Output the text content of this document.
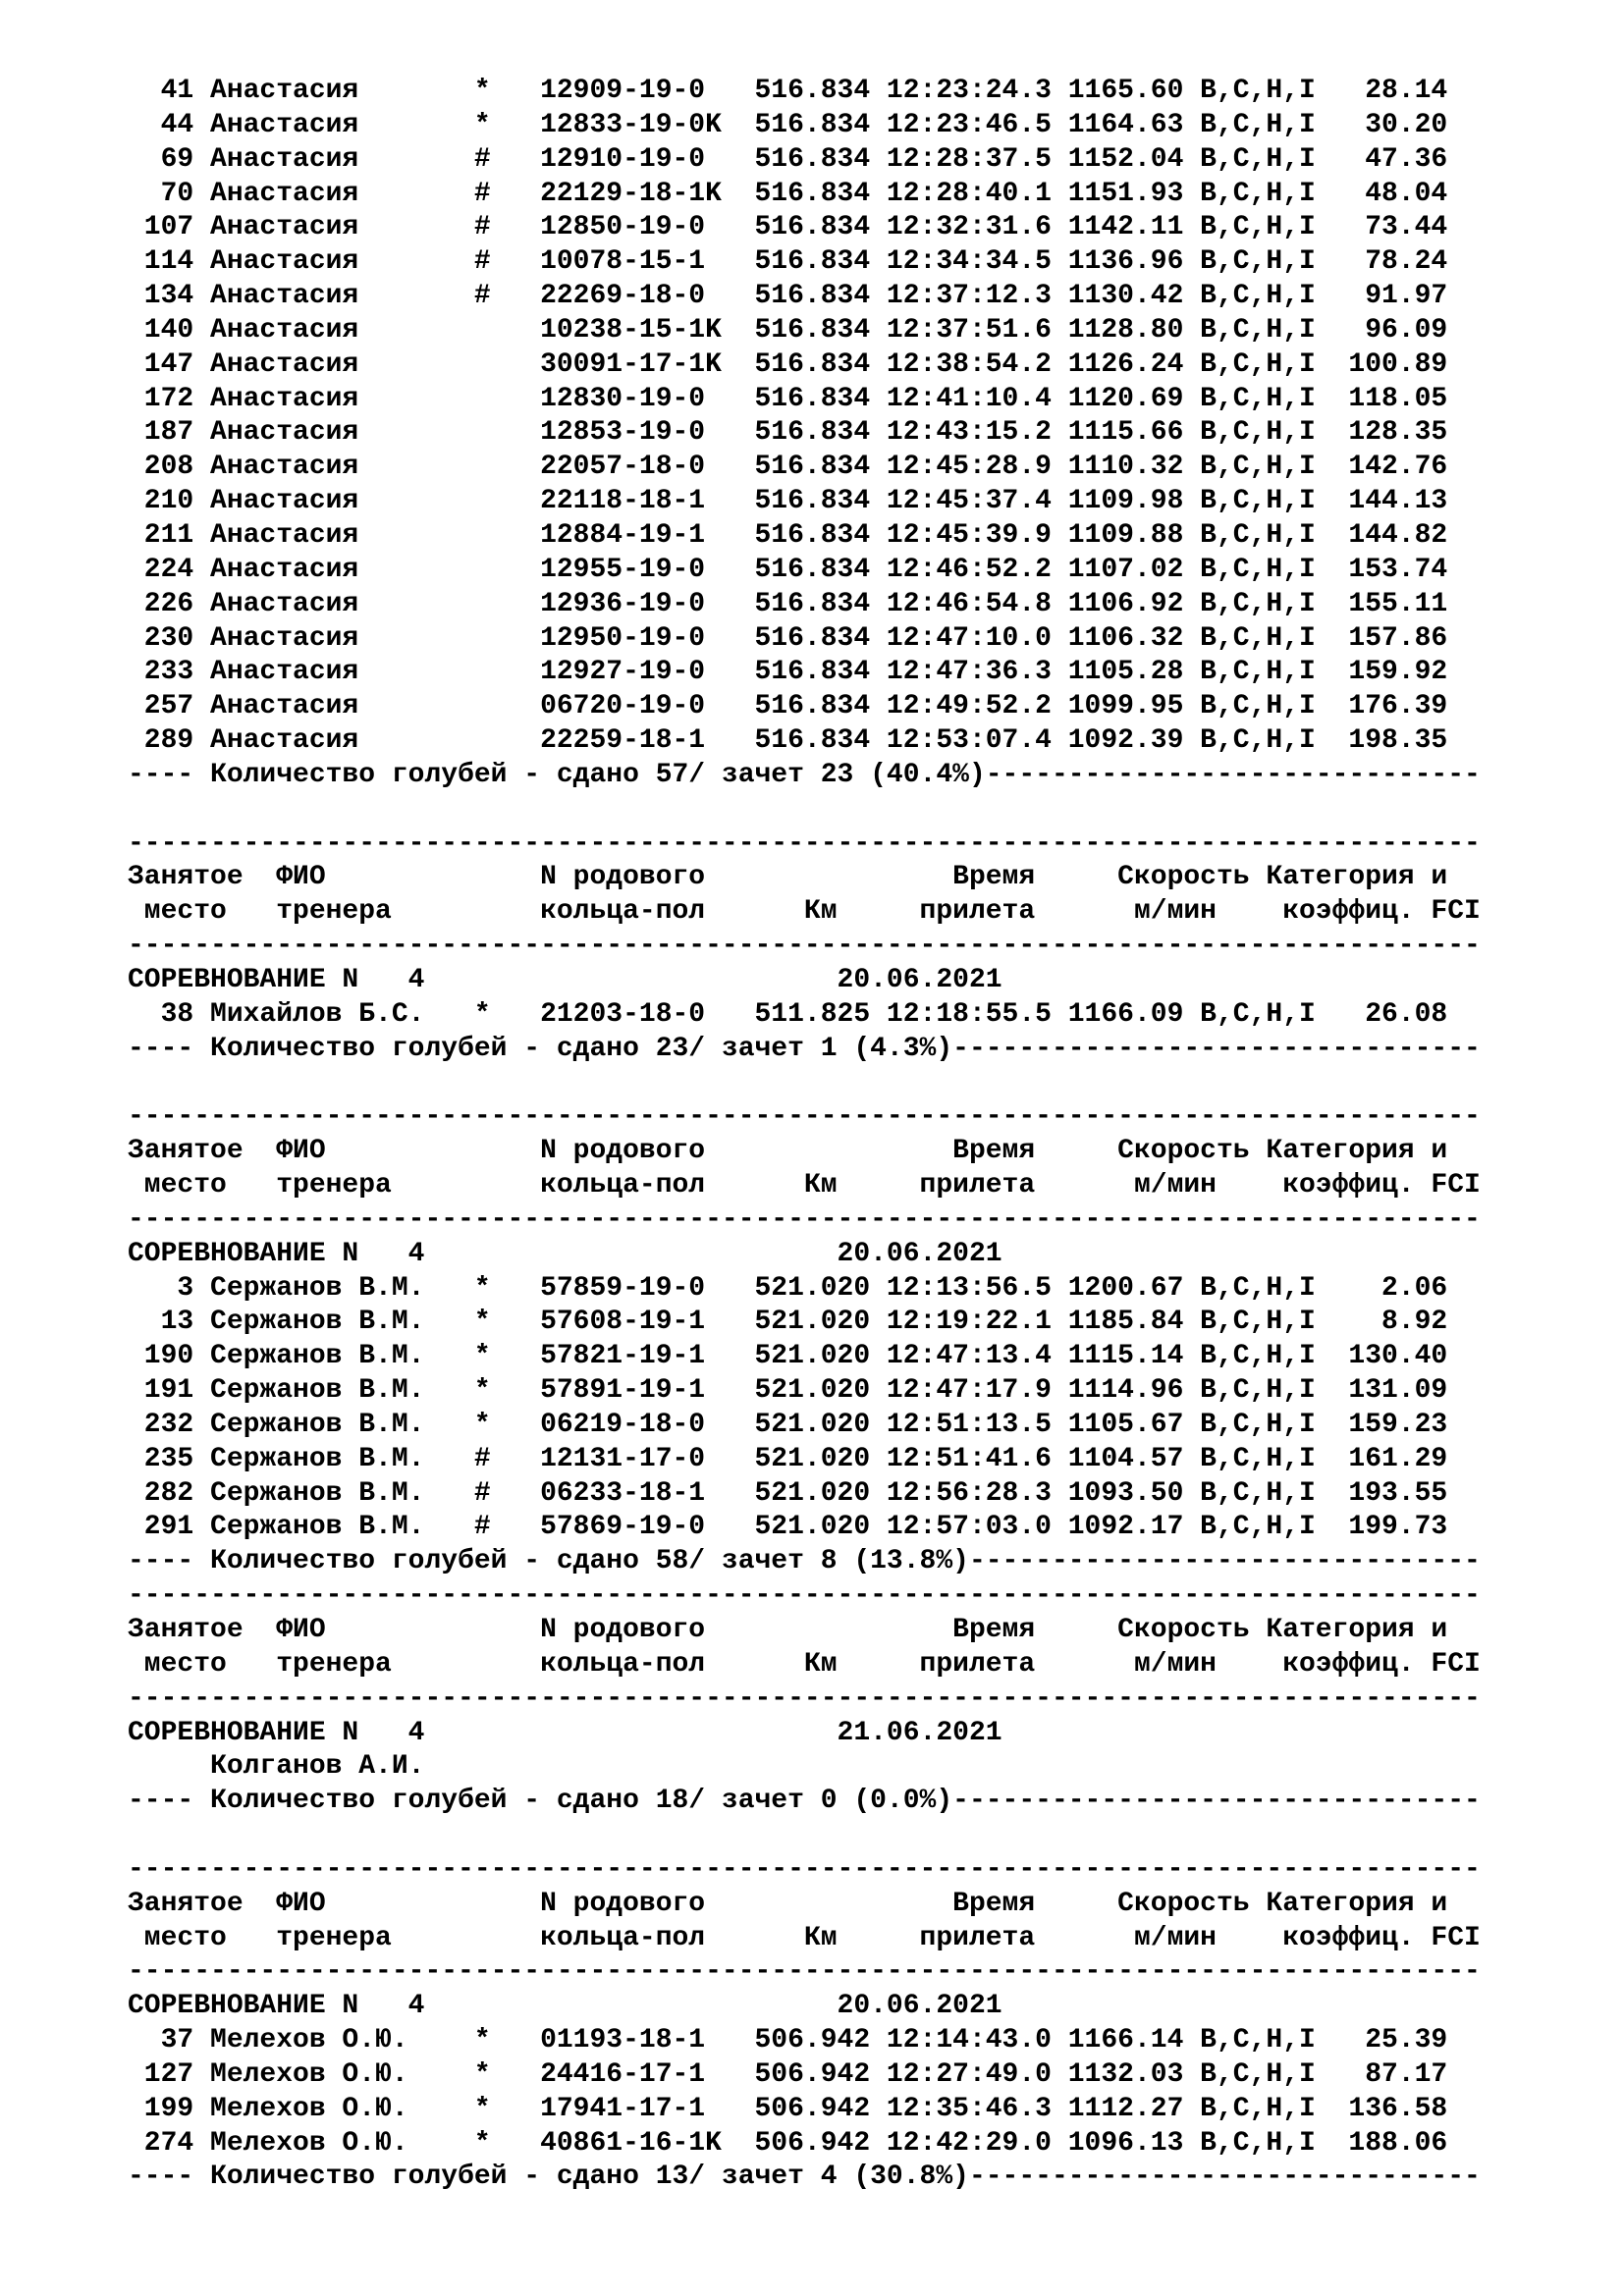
41 Анастасия       *   12909-19-0   516.834 12:23:24.3 1165.60 B,C,H,I   28.14
44 Анастасия       *   12833-19-0K  516.834 12:23:46.5 1164.63 B,C,H,I   30.20
69 Анастасия       #   12910-19-0   516.834 12:28:37.5 1152.04 B,C,H,I   47.36
70 Анастасия       #   22129-18-1K  516.834 12:28:40.1 1151.93 B,C,H,I   48.04
107 Анастасия       #   12850-19-0   516.834 12:32:31.6 1142.11 B,C,H,I   73.44
114 Анастасия       #   10078-15-1   516.834 12:34:34.5 1136.96 B,C,H,I   78.24
134 Анастасия       #   22269-18-0   516.834 12:37:12.3 1130.42 B,C,H,I   91.97
140 Анастасия           10238-15-1K  516.834 12:37:51.6 1128.80 B,C,H,I   96.09
147 Анастасия           30091-17-1K  516.834 12:38:54.2 1126.24 B,C,H,I  100.89
172 Анастасия           12830-19-0   516.834 12:41:10.4 1120.69 B,C,H,I  118.05
187 Анастасия           12853-19-0   516.834 12:43:15.2 1115.66 B,C,H,I  128.35
208 Анастасия           22057-18-0   516.834 12:45:28.9 1110.32 B,C,H,I  142.76
210 Анастасия           22118-18-1   516.834 12:45:37.4 1109.98 B,C,H,I  144.13
211 Анастасия           12884-19-1   516.834 12:45:39.9 1109.88 B,C,H,I  144.82
224 Анастасия           12955-19-0   516.834 12:46:52.2 1107.02 B,C,H,I  153.74
226 Анастасия           12936-19-0   516.834 12:46:54.8 1106.92 B,C,H,I  155.11
230 Анастасия           12950-19-0   516.834 12:47:10.0 1106.32 B,C,H,I  157.86
233 Анастасия           12927-19-0   516.834 12:47:36.3 1105.28 B,C,H,I  159.92
257 Анастасия           06720-19-0   516.834 12:49:52.2 1099.95 B,C,H,I  176.39
289 Анастасия           22259-18-1   516.834 12:53:07.4 1092.39 B,C,H,I  198.35
---- Количество голубей - сдано 57/ зачет 23 (40.4%)------------------------------
----------------------------------------------------------------------------------
Занятое  ФИО             N родового               Время     Скорость Категория и
место   тренера         кольца-пол      Км     прилета      м/мин    коэффиц. FCI
----------------------------------------------------------------------------------
СОРЕВНОВАНИЕ N   4                         20.06.2021
38 Михайлов Б.С.   *   21203-18-0   511.825 12:18:55.5 1166.09 B,C,H,I   26.08
---- Количество голубей - сдано 23/ зачет 1 (4.3%)--------------------------------
----------------------------------------------------------------------------------
Занятое  ФИО             N родового               Время     Скорость Категория и
место   тренера         кольца-пол      Км     прилета      м/мин    коэффиц. FCI
----------------------------------------------------------------------------------
СОРЕВНОВАНИЕ N   4                         20.06.2021
3 Сержанов В.М.   *   57859-19-0   521.020 12:13:56.5 1200.67 B,C,H,I    2.06
13 Сержанов В.М.   *   57608-19-1   521.020 12:19:22.1 1185.84 B,C,H,I    8.92
190 Сержанов В.М.   *   57821-19-1   521.020 12:47:13.4 1115.14 B,C,H,I  130.40
191 Сержанов В.М.   *   57891-19-1   521.020 12:47:17.9 1114.96 B,C,H,I  131.09
232 Сержанов В.М.   *   06219-18-0   521.020 12:51:13.5 1105.67 B,C,H,I  159.23
235 Сержанов В.М.   #   12131-17-0   521.020 12:51:41.6 1104.57 B,C,H,I  161.29
282 Сержанов В.М.   #   06233-18-1   521.020 12:56:28.3 1093.50 B,C,H,I  193.55
291 Сержанов В.М.   #   57869-19-0   521.020 12:57:03.0 1092.17 B,C,H,I  199.73
---- Количество голубей - сдано 58/ зачет 8 (13.8%)-------------------------------
----------------------------------------------------------------------------------
Занятое  ФИО             N родового               Время     Скорость Категория и
место   тренера         кольца-пол      Км     прилета      м/мин    коэффиц. FCI
----------------------------------------------------------------------------------
СОРЕВНОВАНИЕ N   4                         21.06.2021
Колганов А.И.
---- Количество голубей - сдано 18/ зачет 0 (0.0%)--------------------------------
----------------------------------------------------------------------------------
Занятое  ФИО             N родового               Время     Скорость Категория и
место   тренера         кольца-пол      Км     прилета      м/мин    коэффиц. FCI
----------------------------------------------------------------------------------
СОРЕВНОВАНИЕ N   4                         20.06.2021
37 Мелехов О.Ю.    *   01193-18-1   506.942 12:14:43.0 1166.14 B,C,H,I   25.39
127 Мелехов О.Ю.    *   24416-17-1   506.942 12:27:49.0 1132.03 B,C,H,I   87.17
199 Мелехов О.Ю.    *   17941-17-1   506.942 12:35:46.3 1112.27 B,C,H,I  136.58
274 Мелехов О.Ю.    *   40861-16-1K  506.942 12:42:29.0 1096.13 B,C,H,I  188.06
---- Количество голубей - сдано 13/ зачет 4 (30.8%)-------------------------------
